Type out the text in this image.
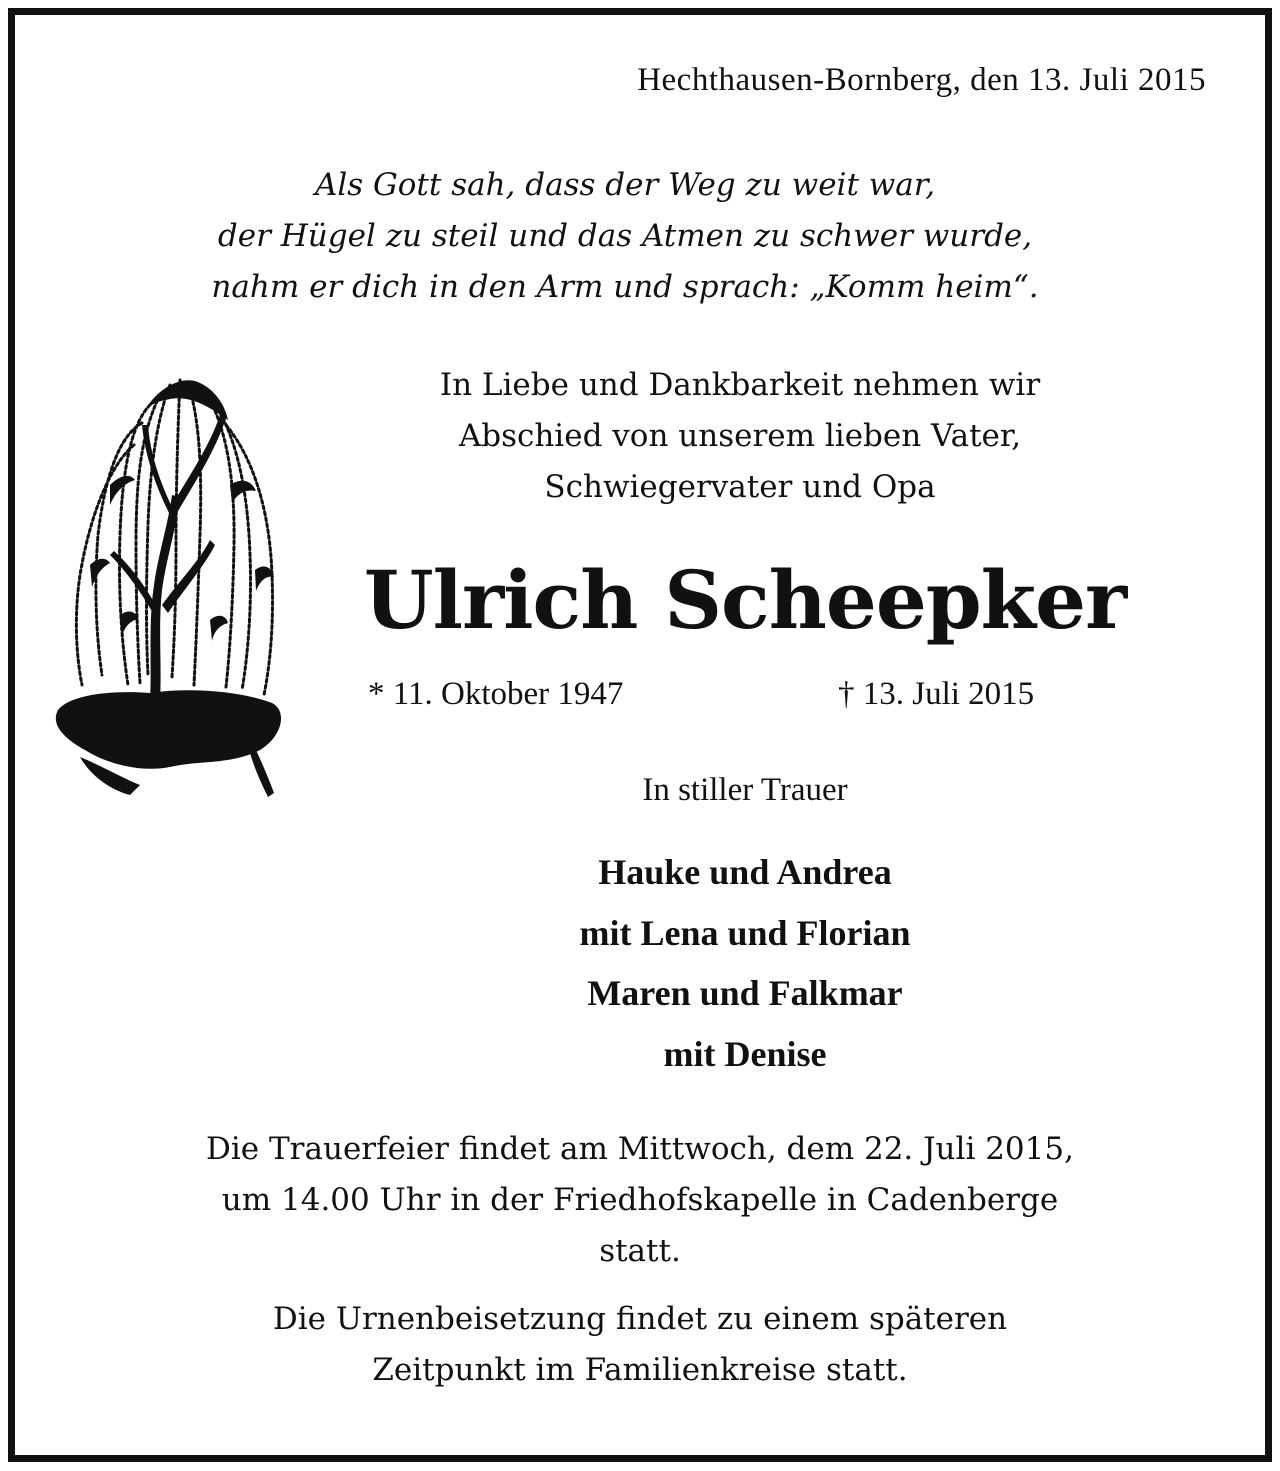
Hechthausen-Bornberg, den 13. Juli 2015
Als Gott sah, dass der Weg zu weit war,
der Hügel zu steil und das Atmen zu schwer wurde,
nahm er dich in den Arm und sprach: „Komm heim“.
In Liebe und Dankbarkeit nehmen wir
Abschied von unserem lieben Vater,
Schwiegervater und Opa
Ulrich Scheepker
* 11. Oktober 1947	† 13. Juli 2015
In stiller Trauer
Hauke und Andrea
mit Lena und Florian
Maren und Falkmar
mit Denise
Die Trauerfeier findet am Mittwoch, dem 22. Juli 2015,
um 14.00 Uhr in der Friedhofskapelle in Cadenberge
statt.
Die Urnenbeisetzung findet zu einem späteren
Zeitpunkt im Familienkreise statt.
